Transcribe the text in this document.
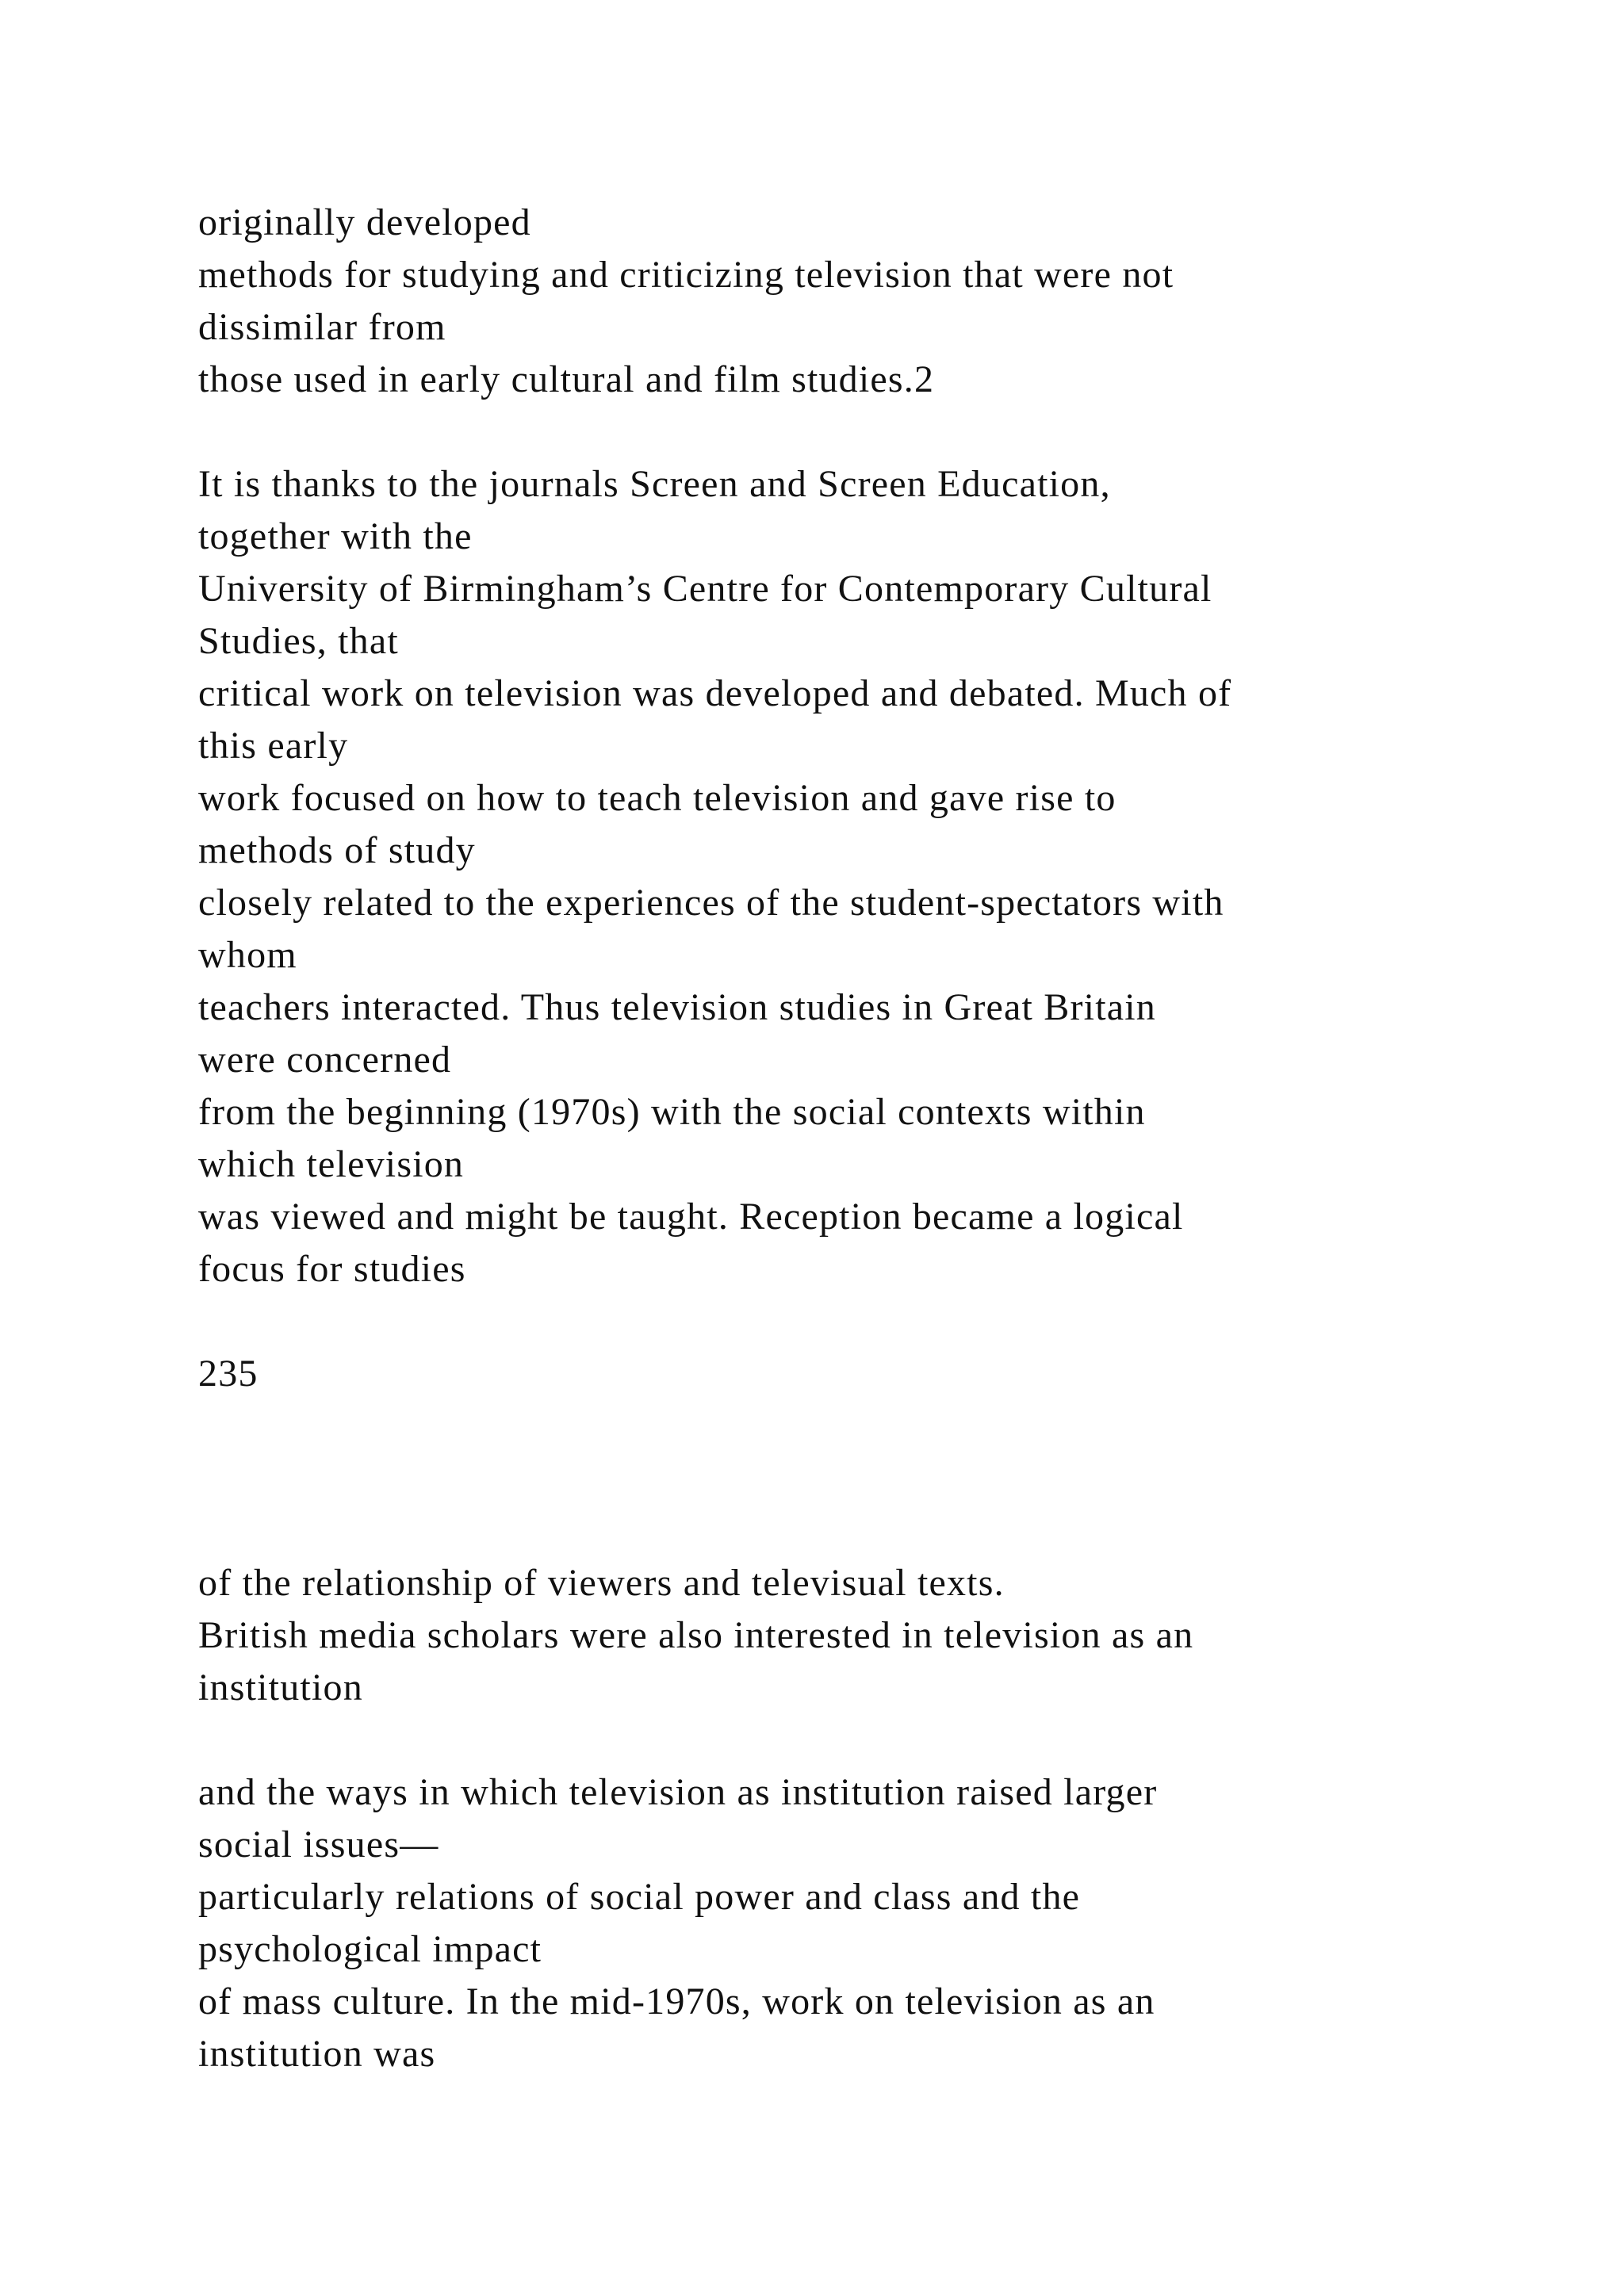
originally developed
methods for studying and criticizing television that were not
dissimilar from
those used in early cultural and film studies.2
It is thanks to the journals Screen and Screen Education,
together with the
University of Birmingham’s Centre for Contemporary Cultural
Studies, that
critical work on television was developed and debated. Much of
this early
work focused on how to teach television and gave rise to
methods of study
closely related to the experiences of the student-spectators with
whom
teachers interacted. Thus television studies in Great Britain
were concerned
from the beginning (1970s) with the social contexts within
which television
was viewed and might be taught. Reception became a logical
focus for studies
235
of the relationship of viewers and televisual texts.
British media scholars were also interested in television as an
institution
and the ways in which television as institution raised larger
social issues—
particularly relations of social power and class and the
psychological impact
of mass culture. In the mid-1970s, work on television as an
institution was
